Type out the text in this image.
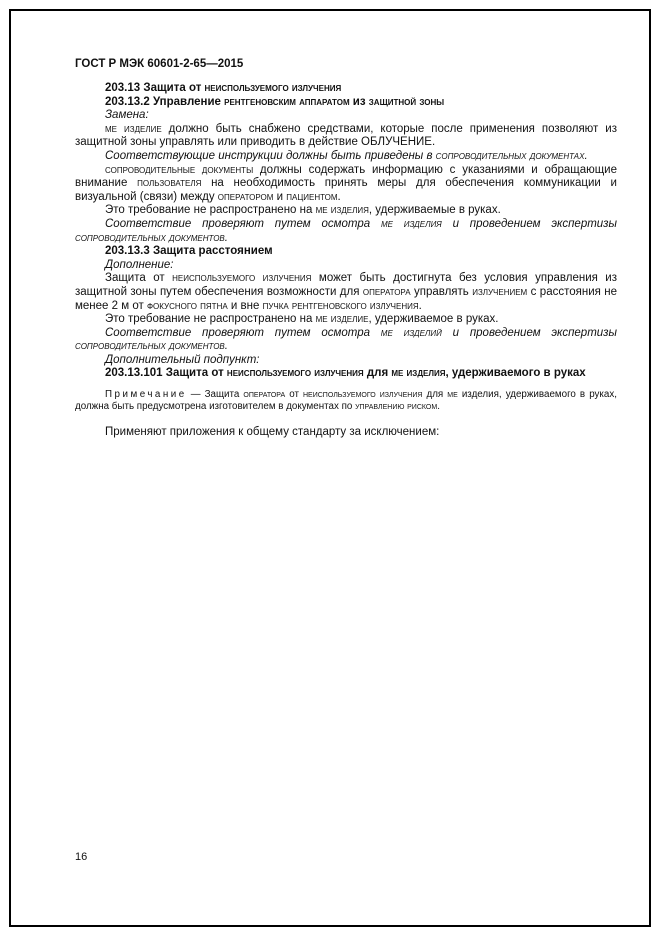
ГОСТ Р МЭК 60601-2-65—2015

203.13 Защита от неиспользуемого излучения

203.13.2 Управление рентгеновским аппаратом из защитной зоны

Замена:

ме изделие должно быть снабжено средствами, которые после применения позволяют из защитной зоны управлять или приводить в действие ОБЛУЧЕНИЕ.

Соответствующие инструкции должны быть приведены в сопроводительных документах.

сопроводительные документы должны содержать информацию с указаниями и обращающие внимание пользователя на необходимость принять меры для обеспечения коммуникации и визуальной (связи) между оператором и пациентом.

Это требование не распространено на ме изделия, удерживаемые в руках.

Соответствие проверяют путем осмотра ме изделия и проведением экспертизы сопроводительных документов.

203.13.3 Защита расстоянием

Дополнение:

Защита от неиспользуемого излучения может быть достигнута без условия управления из защитной зоны путем обеспечения возможности для оператора управлять излучением с расстояния не менее 2 м от фокусного пятна и вне пучка рентгеновского излучения.

Это требование не распространено на ме изделие, удерживаемое в руках.

Соответствие проверяют путем осмотра ме изделий и проведением экспертизы сопроводительных документов.

Дополнительный подпункт:

203.13.101 Защита от неиспользуемого излучения для ме изделия, удерживаемого в руках

Примечание — Защита оператора от неиспользуемого излучения для ме изделия, удерживаемого в руках, должна быть предусмотрена изготовителем в документах по управлению риском.

Применяют приложения к общему стандарту за исключением:

16
